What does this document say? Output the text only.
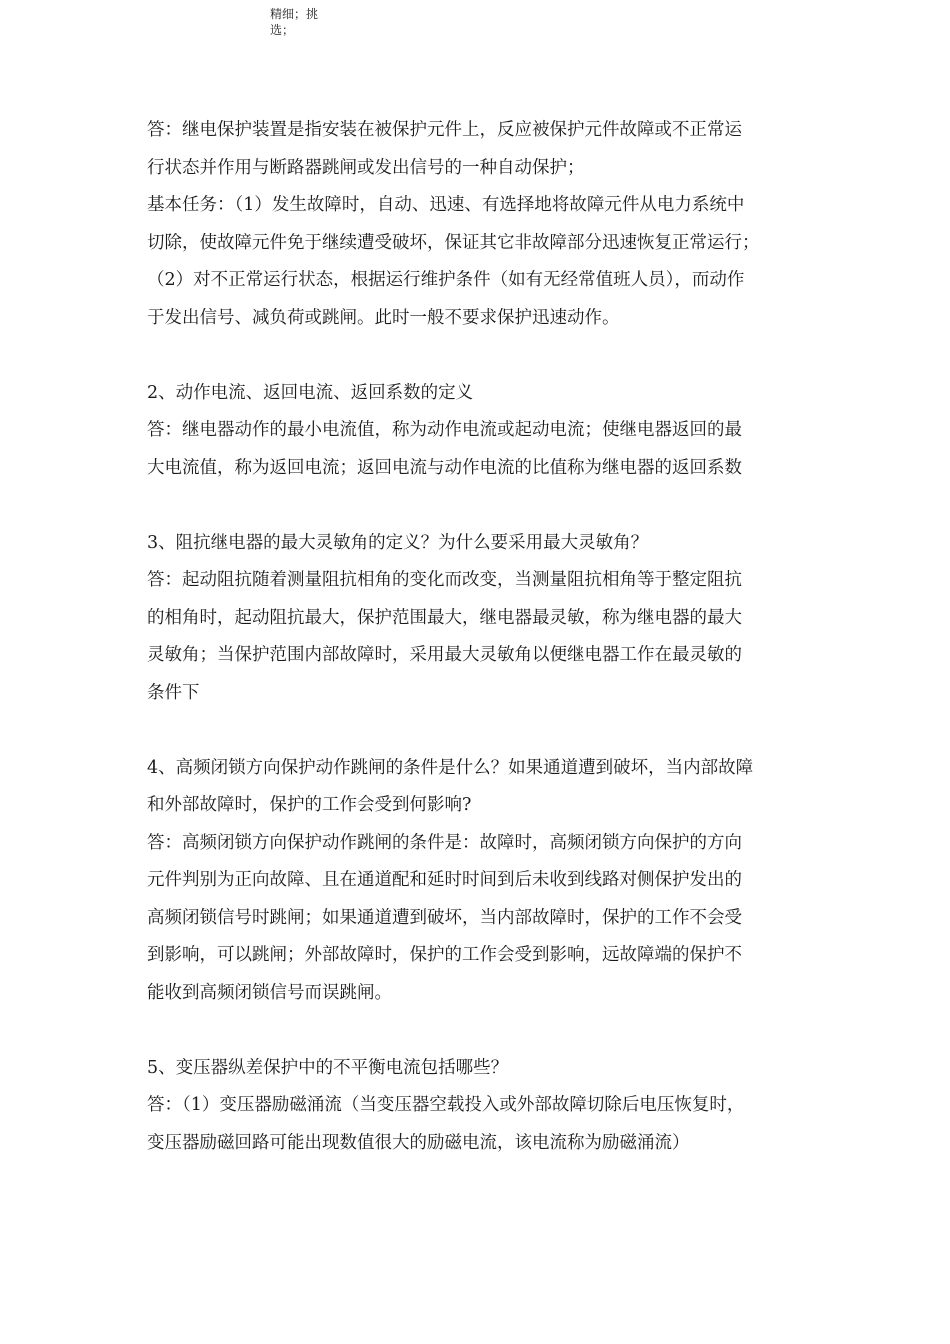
精细；挑
选；

答：继电保护装置是指安装在被保护元件上，反应被保护元件故障或不正常运

行状态并作用与断路器跳闸或发出信号的一种自动保护；

基本任务：（1）发生故障时，自动、迅速、有选择地将故障元件从电力系统中

切除，使故障元件免于继续遭受破坏，保证其它非故障部分迅速恢复正常运行；

（2）对不正常运行状态，根据运行维护条件（如有无经常值班人员），而动作

于发出信号、减负荷或跳闸。此时一般不要求保护迅速动作。

2、动作电流、返回电流、返回系数的定义

答：继电器动作的最小电流值，称为动作电流或起动电流；使继电器返回的最

大电流值，称为返回电流；返回电流与动作电流的比值称为继电器的返回系数

3、阻抗继电器的最大灵敏角的定义？为什么要采用最大灵敏角？

答：起动阻抗随着测量阻抗相角的变化而改变，当测量阻抗相角等于整定阻抗

的相角时，起动阻抗最大，保护范围最大，继电器最灵敏，称为继电器的最大

灵敏角；当保护范围内部故障时，采用最大灵敏角以便继电器工作在最灵敏的

条件下

4、高频闭锁方向保护动作跳闸的条件是什么？如果通道遭到破坏，当内部故障

和外部故障时，保护的工作会受到何影响?

答：高频闭锁方向保护动作跳闸的条件是：故障时，高频闭锁方向保护的方向

元件判别为正向故障、且在通道配和延时时间到后未收到线路对侧保护发出的

高频闭锁信号时跳闸；如果通道遭到破坏，当内部故障时，保护的工作不会受

到影响，可以跳闸；外部故障时，保护的工作会受到影响，远故障端的保护不

能收到高频闭锁信号而误跳闸。

5、变压器纵差保护中的不平衡电流包括哪些？

答：（1）变压器励磁涌流（当变压器空载投入或外部故障切除后电压恢复时，

变压器励磁回路可能出现数值很大的励磁电流，该电流称为励磁涌流）
